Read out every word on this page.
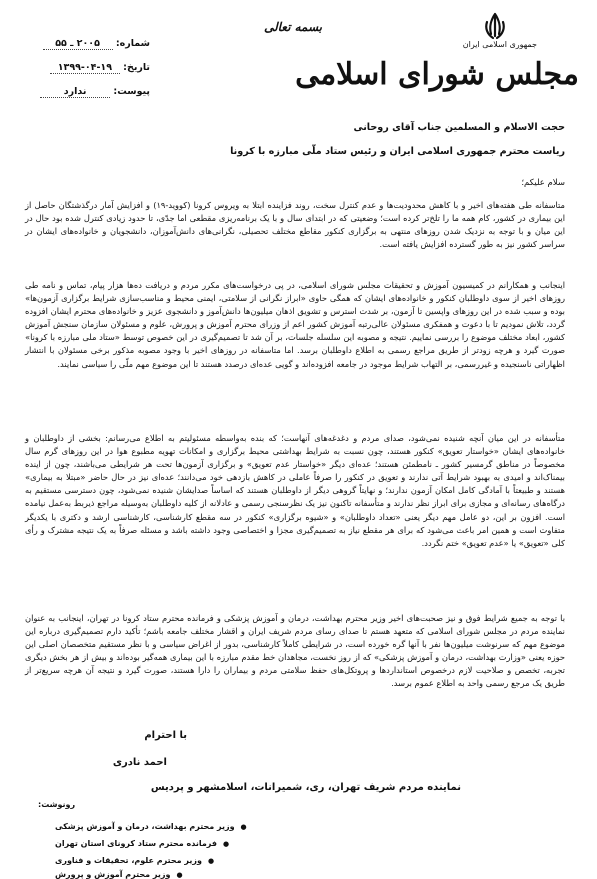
جمهوری اسلامی ایران
مجلس شورای اسلامی
بسمه تعالی
شماره: ۲۰۰۵ ـ ۵۵
تاریخ: ۱۳۹۹-۰۴-۱۹
پیوست: ندارد
حجت الاسلام و المسلمین جناب آقای روحانی
ریاست محترم جمهوری اسلامی ایران و رئیس ستاد ملّی مبارزه با کرونا
سلام علیکم؛
متاسفانه طی هفته‌های اخیر و با کاهش محدودیت‌ها و عدم کنترل سخت، روند فزاینده ابتلا به ویروس کرونا (کووید-۱۹) و افزایش آمار درگذشتگان حاصل از این بیماری در کشور، کام همه ما را تلخ‌تر کرده است؛ وضعیتی که در ابتدای سال و با یک برنامه‌ریزی مقطعی اما جدّی، تا حدود زیادی کنترل شده بود حال در این میان و با توجه به نزدیک شدن روزهای منتهی به برگزاری کنکور مقاطع مختلف تحصیلی، نگرانی‌های دانش‌آموزان، دانشجویان و خانواده‌های ایشان در سراسر کشور نیز به طور گسترده افزایش یافته است.
اینجانب و همکارانم در کمیسیون آموزش و تحقیقات مجلس شورای اسلامی، در پی درخواست‌های مکرر مردم و دریافت ده‌ها هزار پیام، تماس و نامه طی روزهای اخیر از سوی داوطلبان کنکور و خانواده‌های ایشان که همگی حاوی «ابراز نگرانی از سلامتی، ایمنی محیط و مناسب‌سازی شرایط برگزاری آزمون‌ها» بوده و سبب شده در این روزهای واپسین تا آزمون، بر شدت استرس و تشویق اذهان میلیون‌ها دانش‌آموز و دانشجوی عزیز و خانواده‌های محترم ایشان افزوده گردد، تلاش نمودیم تا با دعوت و همفکری مسئولان عالی‌رتبه آموزش کشور اعم از وزرای محترم آموزش و پرورش، علوم و مسئولان سازمان سنجش آموزش کشور، ابعاد مختلف موضوع را بررسی نماییم. نتیجه و مصوبه این سلسله جلسات، بر آن شد تا تصمیم‌گیری در این خصوص توسط «ستاد ملی مبارزه با کرونا» صورت گیرد و هرچه زودتر از طریق مراجع رسمی به اطلاع داوطلبان برسد. اما متاسفانه در روزهای اخیر با وجود مصوبه مذکور برخی مسئولان با انتشار اظهاراتی ناسنجیده و غیررسمی، بر التهاب شرایط موجود در جامعه افزوده‌اند و گویی عده‌ای درصدد هستند تا این موضوع مهم ملّی را سیاسی نمایند.
متأسفانه در این میان آنچه شنیده نمی‌شود، صدای مردم و دغدغه‌های آنهاست؛ که بنده به‌واسطه مسئولیتم به اطلاع می‌رسانم: بخشی از داوطلبان و خانواده‌های ایشان «خواستار تعویق» کنکور هستند، چون نسبت به شرایط بهداشتی محیط برگزاری و امکانات تهویه مطبوع هوا در این روزهای گرم سال مخصوصاً در مناطق گرمسیر کشور ـ نامطمئن هستند؛ عده‌ای دیگر «خواستار عدم تعویق» و برگزاری آزمون‌ها تحت هر شرایطی می‌باشند، چون از اینده بیمناک‌اند و امیدی به بهبود شرایط آتی ندارند و تعویق در کنکور را صرفاً عاملی در کاهش بازدهی خود می‌دانند؛ عده‌ای نیز در حال حاضر «مبتلا به بیماری» هستند و طبیعتاً با آمادگی کامل امکان آزمون ندارند؛ و نهایتاً گروهی دیگر از داوطلبان هستند که اساساً صدایشان شنیده نمی‌شود، چون دسترسی مستقیم به درگاه‌های رسانه‌ای و مجازی برای ابراز نظر ندارند و متأسفانه تاکنون نیز یک نظرسنجی رسمی و عادلانه از کلیه داوطلبان به‌وسیله مراجع ذیربط به‌عمل نیامده است. افزون بر این، دو عامل مهم دیگر یعنی «تعداد داوطلبان» و «شیوه برگزاری» کنکور در سه مقطع کارشناسی، کارشناسی ارشد و دکتری با یکدیگر متفاوت است و همین امر باعث می‌شود که برای هر مقطع نیاز به تصمیم‌گیری مجزا و اختصاصی وجود داشته باشد و مسئله صرفاً به یک نتیجه مشترک و رأی کلی «تعویق» یا «عدم تعویق» ختم نگردد.
با توجه به جمیع شرایط فوق و نیز صحبت‌های اخیر وزیر محترم بهداشت، درمان و آموزش پزشکی و فرمانده محترم ستاد کرونا در تهران، اینجانب به عنوان نماینده مردم در مجلس شورای اسلامی که متعهد هستم تا صدای رسای مردم شریف ایران و اقشار مختلف جامعه باشم؛ تأکید دارم تصمیم‌گیری درباره این موضوع مهم که سرنوشت میلیون‌ها نفر با آنها گره خورده است، در شرایطی کاملاً کارشناسی، بدور از اغراض سیاسی و با نظر مستقیم متخصصان اصلی این حوزه یعنی «وزارت بهداشت، درمان و آموزش پزشکی» که از روز نخست، مجاهدان خط مقدم مبارزه با این بیماری همه‌گیر بوده‌اند و بیش از هر بخش دیگری تجربه، تخصص و صلاحیت لازم درخصوص استانداردها و پروتکل‌های حفظ سلامتی مردم و بیماران را دارا هستند، صورت گیرد و نتیجه آن هرچه سریع‌تر از طریق یک مرجع رسمی واحد به اطلاع عموم برسد.
با احترام
احمد نادری
نماینده مردم شریف تهران، ری، شمیرانات، اسلامشهر و پردیس
رونوشت:
● وزیر محترم بهداشت، درمان و آموزش پزشکی
● فرمانده محترم ستاد کرونای استان تهران
● وزیر محترم علوم، تحقیقات و فناوری
● وزیر محترم آموزش و پرورش
